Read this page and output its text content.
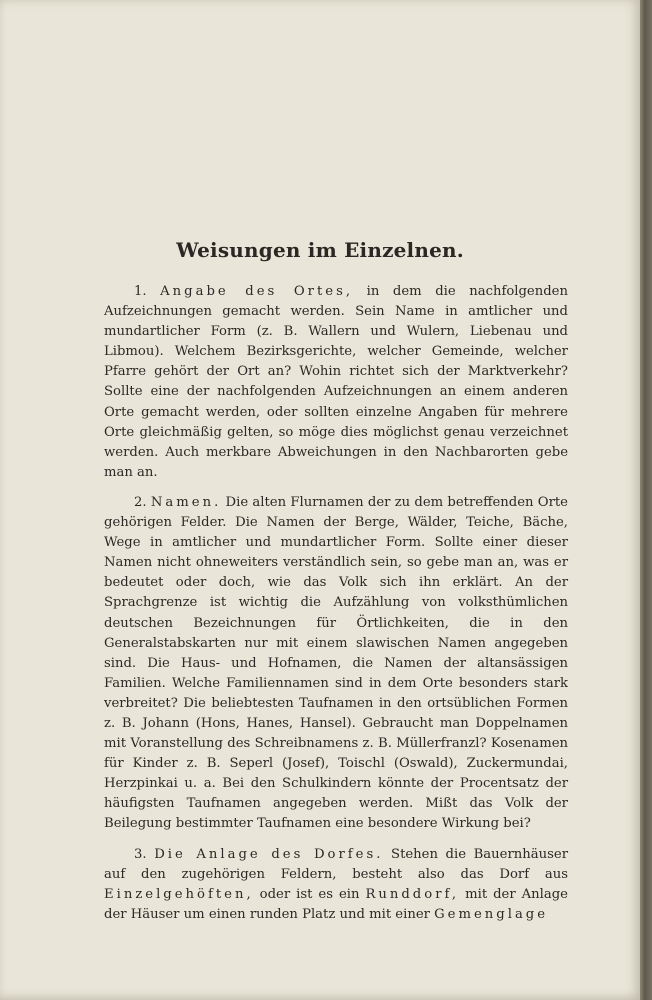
Weisungen im Einzelnen.

1. Angabe des Ortes, in dem die nachfolgenden Aufzeichnungen gemacht werden. Sein Name in amtlicher und mundartlicher Form (z. B. Wallern und Wulern, Liebenau und Libmou). Welchem Bezirksgerichte, welcher Gemeinde, welcher Pfarre gehört der Ort an? Wohin richtet sich der Marktverkehr? Sollte eine der nachfolgenden Aufzeichnungen an einem anderen Orte gemacht werden, oder sollten einzelne Angaben für mehrere Orte gleichmäßig gelten, so möge dies möglichst genau verzeichnet werden. Auch merkbare Abweichungen in den Nachbarorten gebe man an.

2. Namen. Die alten Flurnamen der zu dem betreffenden Orte gehörigen Felder. Die Namen der Berge, Wälder, Teiche, Bäche, Wege in amtlicher und mundartlicher Form. Sollte einer dieser Namen nicht ohneweiters verständlich sein, so gebe man an, was er bedeutet oder doch, wie das Volk sich ihn erklärt. An der Sprachgrenze ist wichtig die Aufzählung von volksthümlichen deutschen Bezeichnungen für Örtlichkeiten, die in den Generalstabskarten nur mit einem slawischen Namen angegeben sind. Die Haus- und Hofnamen, die Namen der altansässigen Familien. Welche Familiennamen sind in dem Orte besonders stark verbreitet? Die beliebtesten Taufnamen in den ortsüblichen Formen z. B. Johann (Hons, Hanes, Hansel). Gebraucht man Doppelnamen mit Voranstellung des Schreibnamens z. B. Müllerfranzl? Kosenamen für Kinder z. B. Seperl (Josef), Toischl (Oswald), Zuckermundai, Herzpinkai u. a. Bei den Schulkindern könnte der Procentsatz der häufigsten Taufnamen angegeben werden. Mißt das Volk der Beilegung bestimmter Taufnamen eine besondere Wirkung bei?

3. Die Anlage des Dorfes. Stehen die Bauernhäuser auf den zugehörigen Feldern, besteht also das Dorf aus Einzelgehöften, oder ist es ein Runddorf, mit der Anlage der Häuser um einen runden Platz und mit einer Gemenglage
